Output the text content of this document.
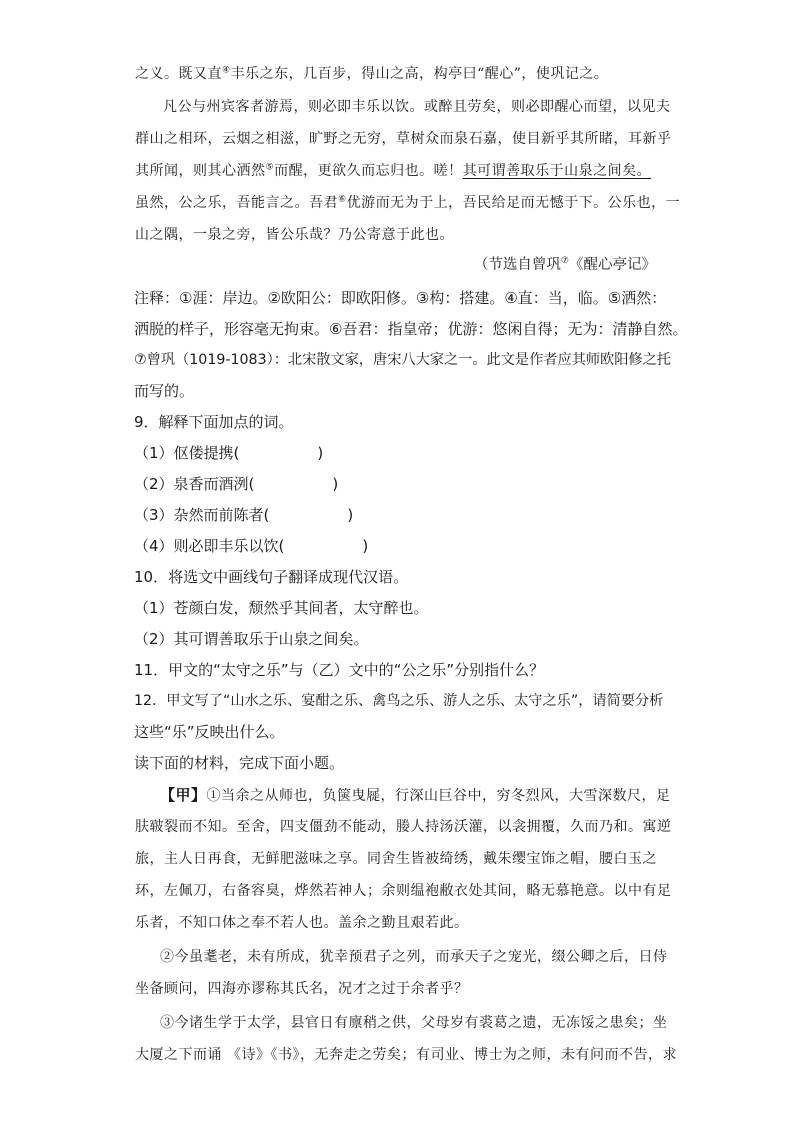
之义。既又直④丰乐之东，几百步，得山之高，构亭曰“醒心”，使巩记之。
凡公与州宾客者游焉，则必即丰乐以饮。或醉且劳矣，则必即醒心而望，以见夫
群山之相环，云烟之相滋，旷野之无穷，草树众而泉石嘉，使目新乎其所睹，耳新乎
其所闻，则其心洒然⑤而醒，更欲久而忘归也。嗟！其可谓善取乐于山泉之间矣。
虽然，公之乐，吾能言之。吾君⑥优游而无为于上，吾民给足而无憾于下。公乐也，一
山之隅，一泉之旁，皆公乐哉？乃公寄意于此也。
（节选自曾巩⑦《醒心亭记》
注释：①涯：岸边。②欧阳公：即欧阳修。③构：搭建。④直：当，临。⑤洒然：
洒脱的样子，形容毫无拘束。⑥吾君：指皇帝；优游：悠闲自得；无为：清静自然。
⑦曾巩（1019-1083）：北宋散文家，唐宋八大家之一。此文是作者应其师欧阳修之托
而写的。
9．解释下面加点的词。
（1）伛偻提携(	)
（2）泉香而酒洌(	)
（3）杂然而前陈者(	)
（4）则必即丰乐以饮(	)
10．将选文中画线句子翻译成现代汉语。
（1）苍颜白发，颓然乎其间者，太守醉也。
（2）其可谓善取乐于山泉之间矣。
11．甲文的“太守之乐”与（乙）文中的“公之乐”分别指什么？
12．甲文写了“山水之乐、宴酣之乐、禽鸟之乐、游人之乐、太守之乐”，请简要分析
这些“乐”反映出什么。
读下面的材料，完成下面小题。
【甲】①当余之从师也，负箧曳屣，行深山巨谷中，穷冬烈风，大雪深数尺，足
肤皲裂而不知。至舍，四支僵劲不能动，媵人持汤沃灌，以衾拥覆，久而乃和。寓逆
旅，主人日再食，无鲜肥滋味之享。同舍生皆被绮绣，戴朱缨宝饰之帽，腰白玉之
环，左佩刀，右备容臭，烨然若神人；余则缊袍敝衣处其间，略无慕艳意。以中有足
乐者，不知口体之奉不若人也。盖余之勤且艰若此。
②今虽耄老，未有所成，犹幸预君子之列，而承天子之宠光，缀公卿之后，日侍
坐备顾问，四海亦谬称其氏名，况才之过于余者乎？
③今诸生学于太学，县官日有廪稍之供，父母岁有裘葛之遗，无冻馁之患矣；坐
大厦之下而诵 《诗》《书》，无奔走之劳矣；有司业、博士为之师，未有问而不告，求
